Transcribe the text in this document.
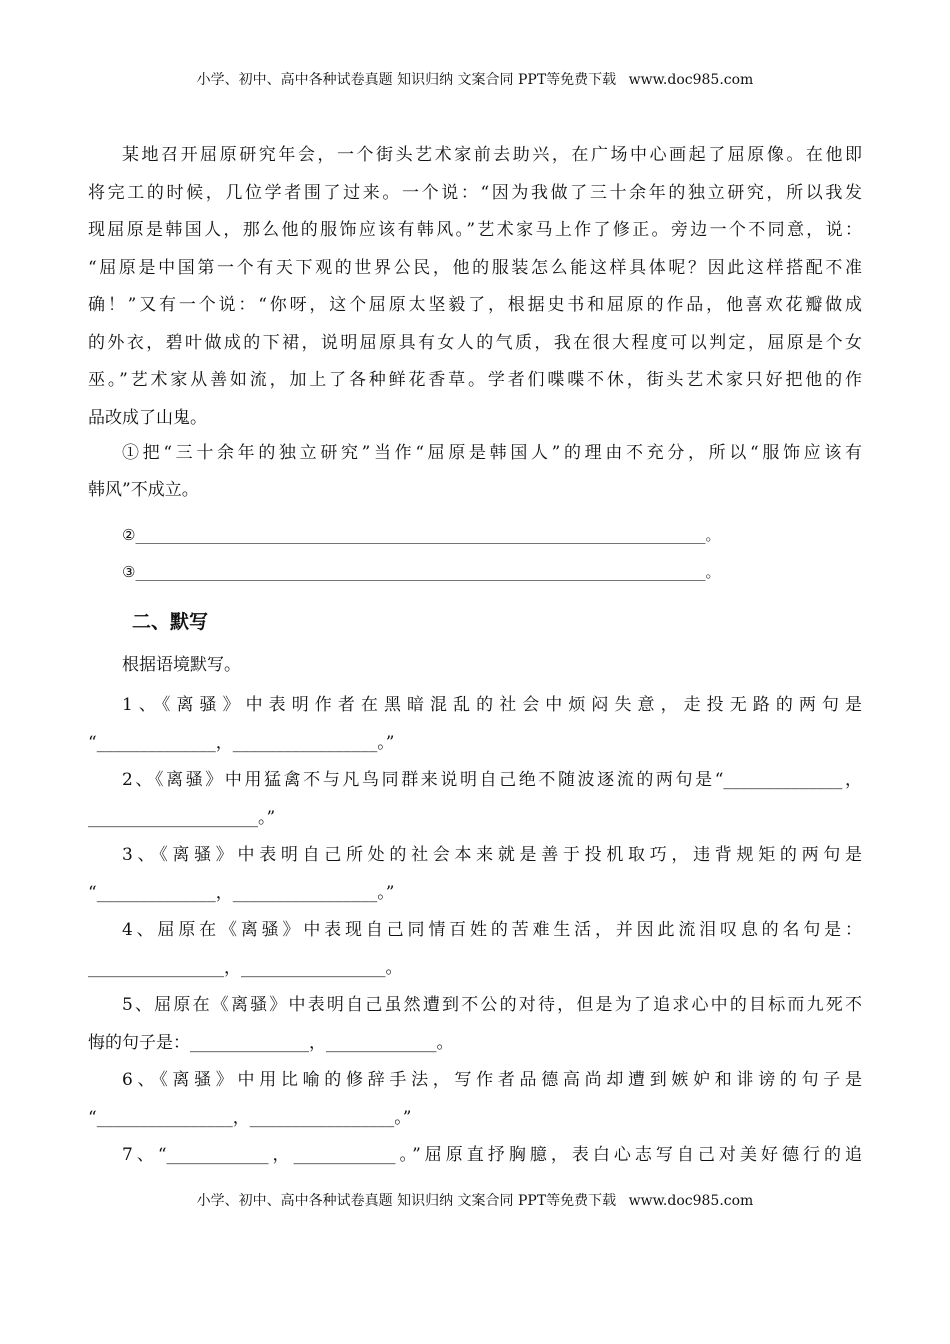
小学、初中、高中各种试卷真题 知识归纳 文案合同 PPT等免费下载 www.doc985.com
某地召开屈原研究年会，一个街头艺术家前去助兴，在广场中心画起了屈原像。在他即
将完工的时候，几位学者围了过来。一个说：“因为我做了三十余年的独立研究，所以我发
现屈原是韩国人，那么他的服饰应该有韩风。”艺术家马上作了修正。旁边一个不同意，说：
“屈原是中国第一个有天下观的世界公民，他的服装怎么能这样具体呢？因此这样搭配不准
确！”又有一个说：“你呀，这个屈原太坚毅了，根据史书和屈原的作品，他喜欢花瓣做成
的外衣，碧叶做成的下裙，说明屈原具有女人的气质，我在很大程度可以判定，屈原是个女
巫。”艺术家从善如流，加上了各种鲜花香草。学者们喋喋不休，街头艺术家只好把他的作
品改成了山鬼。
①把“三十余年的独立研究”当作“屈原是韩国人”的理由不充分，所以“服饰应该有
韩风”不成立。
②____________________________________________________________________________。
③____________________________________________________________________________。
二、默写
根据语境默写。
1、《离骚》中表明作者在黑暗混乱的社会中烦闷失意，走投无路的两句是
“______________，_________________。”
2、《离骚》中用猛禽不与凡鸟同群来说明自己绝不随波逐流的两句是“______________，
____________________。”
3、《离骚》中表明自己所处的社会本来就是善于投机取巧，违背规矩的两句是
“______________，_________________。”
4、屈原在《离骚》中表现自己同情百姓的苦难生活，并因此流泪叹息的名句是：
________________，_________________。
5、屈原在《离骚》中表明自己虽然遭到不公的对待，但是为了追求心中的目标而九死不
悔的句子是：______________，_____________。
6、《离骚》中用比喻的修辞手法，写作者品德高尚却遭到嫉妒和诽谤的句子是
“________________，_________________。”
7、“____________，____________。”屈原直抒胸臆，表白心志写自己对美好德行的追
小学、初中、高中各种试卷真题 知识归纳 文案合同 PPT等免费下载 www.doc985.com
